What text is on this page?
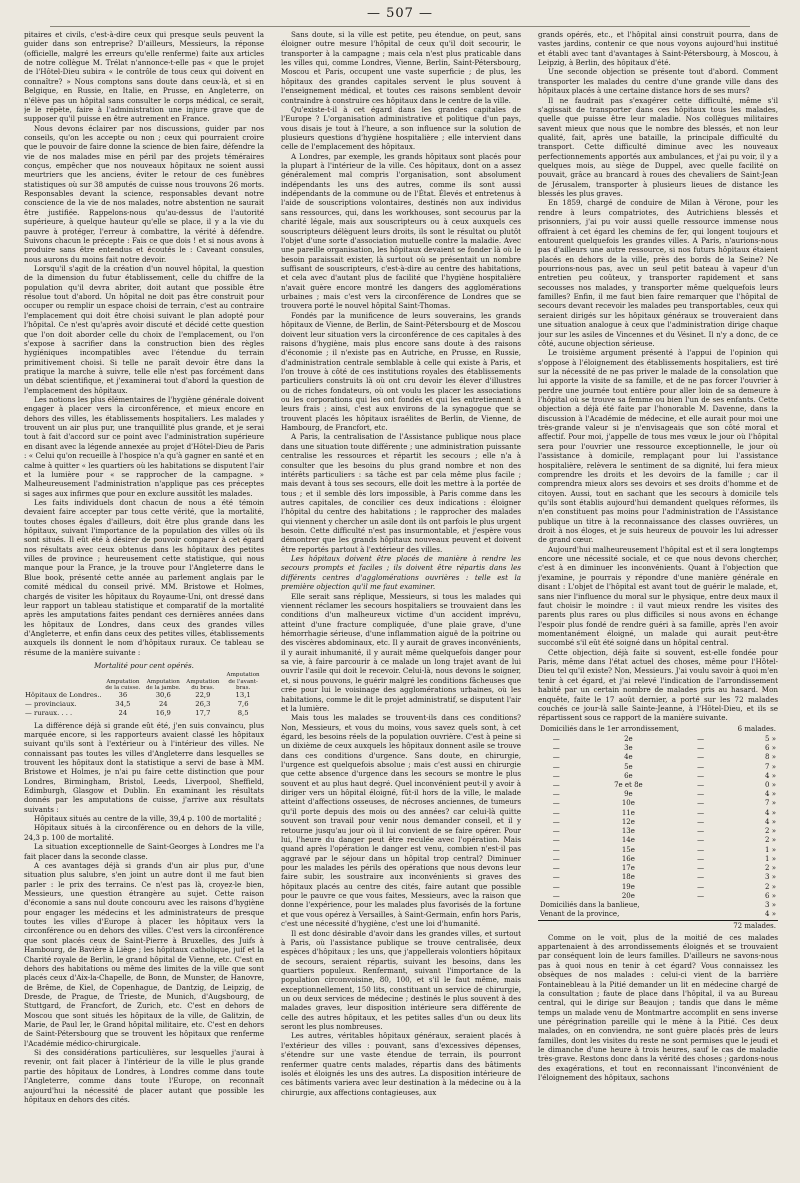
— 507 —

pitaires et civils, c'est-à-dire ceux qui presque seuls peuvent la guider dans son entreprise? D'ailleurs, Messieurs, la réponse (officielle, malgré les erreurs qu'elle renferme) faite aux articles de notre collègue M. Trélat n'annonce-t-elle pas « que le projet de l'Hôtel-Dieu subira « le contrôle de tous ceux qui doivent en connaître? » Nous comptons sans doute dans ceux-là, et si en Belgique, en Russie, en Italie, en Prusse, en Angleterre, on n'élève pas un hôpital sans consulter le corps médical, ce serait, je le répète, faire à l'administration une injure grave que de supposer qu'il puisse en être autrement en France.

Nous devons éclairer par nos discussions, guider par nos conseils, qu'on les accepte ou non ; ceux qui pourraient croire que le pouvoir de faire donne la science de bien faire, défendre la vie de nos malades mise en péril par des projets téméraires conçus, empêcher que nos nouveaux hôpitaux ne soient aussi meurtriers que les anciens, éviter le retour de ces funèbres statistiques où sur 38 amputés de cuisse nous trouvons 26 morts. Responsables devant la science, responsables devant notre conscience de la vie de nos malades, notre abstention ne saurait être justifiée. Rappelons-nous qu'au-dessus de l'autorité supérieure, à quelque hauteur qu'elle se place, il y a la vie du pauvre à protéger, l'erreur à combattre, la vérité à défendre. Suivons chacun le précepte : Fais ce que dois ! et si nous avons à produire sans être entendus et écoutés le : Caveant consules, nous aurons du moins fait notre devoir.

Lorsqu'il s'agit de la création d'un nouvel hôpital, la question de la dimension du futur établissement, celle du chiffre de la population qu'il devra abriter, doit autant que possible être résolue tout d'abord. Un hôpital ne doit pas être construit pour occuper ou remplir un espace choisi de terrain, c'est au contraire l'emplacement qui doit être choisi suivant le plan adopté pour l'hôpital. Ce n'est qu'après avoir discuté et décidé cette question que l'on doit aborder celle du choix de l'emplacement, ou l'on s'expose à sacrifier dans la construction bien des règles hygiéniques incompatibles avec l'étendue du terrain primitivement choisi. Si telle ne paraît devoir être dans la pratique la marche à suivre, telle elle n'est pas forcément dans un débat scientifique, et j'examinerai tout d'abord la question de l'emplacement des hôpitaux.

Les notions les plus élémentaires de l'hygiène générale doivent engager à placer vers la circonférence, et mieux encore en dehors des villes, les établissements hospitaliers. Les malades y trouvent un air plus pur, une tranquillité plus grande, et je serai tout à fait d'accord sur ce point avec l'administration supérieure en disant avec la légende annexée au projet d'Hôtel-Dieu de Paris : « Celui qu'on recueille à l'hospice n'a qu'à gagner en santé et en calme à quitter « les quartiers où les habitations se disputent l'air et la lumière pour « se rapprocher de la campagne. » Malheureusement l'administration n'applique pas ces préceptes si sages aux infirmes que pour en exclure aussitôt les malades.

Les faits individuels dont chacun de nous a été témoin devaient faire accepter par tous cette vérité, que la mortalité, toutes choses égales d'ailleurs, doit être plus grande dans les hôpitaux, suivant l'importance de la population des villes où ils sont situés. Il eût été à désirer de pouvoir comparer à cet égard nos résultats avec ceux obtenus dans les hôpitaux des petites villes de province ; heureusement cette statistique, qui nous manque pour la France, je la trouve pour l'Angleterre dans le Blue book, présenté cette année au parlement anglais par le comité médical du conseil privé. MM. Bristowe et Holmes, chargés de visiter les hôpitaux du Royaume-Uni, ont dressé dans leur rapport un tableau statistique et comparatif de la mortalité après les amputations faites pendant ces dernières années dans les hôpitaux de Londres, dans ceux des grandes villes d'Angleterre, et enfin dans ceux des petites villes, établissements auxquels ils donnent le nom d'hôpitaux ruraux. Ce tableau se résume de la manière suivante :

Mortalité pour cent opérés.

	Amputation de la cuisse.	Amputation de la jambe.	Amputation du bras.	Amputation de l'avant-bras.
Hôpitaux de Londres..	36	30,6	22,9	13,1
— provinciaux.	34,5	24	26,3	7,6
— ruraux. . . .	24	16,9	17,7	8,5

La différence déjà si grande eût été, j'en suis convaincu, plus marquée encore, si les rapporteurs avaient classé les hôpitaux suivant qu'ils sont à l'extérieur ou à l'intérieur des villes. Ne connaissant pas toutes les villes d'Angleterre dans lesquelles se trouvent les hôpitaux dont la statistique a servi de base à MM. Bristowe et Holmes, je n'ai pu faire cette distinction que pour Londres, Birmingham, Bristol, Leeds, Liverpool, Sheffield, Edimburgh, Glasgow et Dublin. En examinant les résultats donnés par les amputations de cuisse, j'arrive aux résultats suivants :

Hôpitaux situés au centre de la ville, 39,4 p. 100 de mortalité ;

Hôpitaux situés à la circonférence ou en dehors de la ville, 24,3 p. 100 de mortalité.

La situation exceptionnelle de Saint-Georges à Londres me l'a fait placer dans la seconde classe.

A ces avantages déjà si grands d'un air plus pur, d'une situation plus salubre, s'en joint un autre dont il me faut bien parler : le prix des terrains. Ce n'est pas là, croyez-le bien, Messieurs, une question étrangère au sujet. Cette raison d'économie a sans nul doute concouru avec les raisons d'hygiène pour engager les médecins et les administrateurs de presque toutes les villes d'Europe à placer les hôpitaux vers la circonférence ou en dehors des villes. C'est vers la circonférence que sont placés ceux de Saint-Pierre à Bruxelles, des Juifs à Hambourg, de Bavière à Liège ; les hôpitaux catholique, juif et la Charité royale de Berlin, le grand hôpital de Vienne, etc. C'est en dehors des habitations ou même des limites de la ville que sont placés ceux d'Aix-la-Chapelle, de Bonn, de Munster, de Hanovre, de Brême, de Kiel, de Copenhague, de Dantzig, de Leipzig, de Dresde, de Prague, de Trieste, de Munich, d'Augsbourg, de Stuttgard, de Francfort, de Zurich, etc. C'est en dehors de Moscou que sont situés les hôpitaux de la ville, de Galitzin, de Marie, de Paul Ier, le Grand hôpital militaire, etc. C'est en dehors de Saint-Pétersbourg que se trouvent les hôpitaux que renferme l'Académie médico-chirurgicale.

Si des considérations particulières, sur lesquelles j'aurai à revenir, ont fait placer à l'intérieur de la ville le plus grande partie des hôpitaux de Londres, à Londres comme dans toute l'Angleterre, comme dans toute l'Europe, on reconnaît aujourd'hui la nécessité de placer autant que possible les hôpitaux en dehors des cités.

Sans doute, si la ville est petite, peu étendue, on peut, sans éloigner outre mesure l'hôpital de ceux qu'il doit secourir, le transporter à la campagne ; mais cela n'est plus praticable dans les villes qui, comme Londres, Vienne, Berlin, Saint-Pétersbourg, Moscou et Paris, occupent une vaste superficie ; de plus, les hôpitaux des grandes capitales servent le plus souvent à l'enseignement médical, et toutes ces raisons semblent devoir contraindre à construire ces hôpitaux dans le centre de la ville.

Qu'existe-t-il à cet égard dans les grandes capitales de l'Europe ? L'organisation administrative et politique d'un pays, vous disais je tout à l'heure, a son influence sur la solution de plusieurs questions d'hygiène hospitalière ; elle intervient dans celle de l'emplacement des hôpitaux.

A Londres, par exemple, les grands hôpitaux sont placés pour la plupart à l'intérieur de la ville. Ces hôpitaux, dont on a assez généralement mal compris l'organisation, sont absolument indépendants les uns des autres, comme ils sont aussi indépendants de la commune ou de l'État. Élevés et entretenus à l'aide de souscriptions volontaires, destinés non aux individus sans ressources, qui, dans les workhouses, sont secourus par la charité légale, mais aux souscripteurs ou à ceux auxquels ces souscripteurs délèguent leurs droits, ils sont le résultat ou plutôt l'objet d'une sorte d'association mutuelle contre la maladie. Avec une pareille organisation, les hôpitaux devaient se fonder là où le besoin paraissait exister, là surtout où se présentait un nombre suffisant de souscripteurs, c'est-à-dire au centre des habitations, et cela avec d'autant plus de facilité que l'hygiène hospitalière n'avait guère encore montré les dangers des agglomérations urbaines ; mais c'est vers la circonférence de Londres que se trouvera porté le nouvel hôpital Saint-Thomas.

Fondés par la munificence de leurs souverains, les grands hôpitaux de Vienne, de Berlin, de Saint-Pétersbourg et de Moscou doivent leur situation vers la circonférence de ces capitales à des raisons d'hygiène, mais plus encore sans doute à des raisons d'économie ; il n'existe pas en Autriche, en Prusse, en Russie, d'administration centrale semblable à celle qui existe à Paris, et l'on trouve à côté de ces institutions royales des établissements particuliers construits là où ont cru devoir les élever d'illustres ou de riches fondateurs, où ont voulu les placer les associations ou les corporations qui les ont fondés et qui les entretiennent à leurs frais ; ainsi, c'est aux environs de la synagogue que se trouvent placés les hôpitaux israélites de Berlin, de Vienne, de Hambourg, de Francfort, etc.

A Paris, la centralisation de l'Assistance publique nous place dans une situation toute différente ; une administration puissante centralise les ressources et répartit les secours ; elle n'a à consulter que les besoins du plus grand nombre et non des intérêts particuliers : sa tâche est par cela même plus facile ; mais devant à tous ses secours, elle doit les mettre à la portée de tous ; et il semble dès lors impossible, à Paris comme dans les autres capitales, de concilier ces deux indications : éloigner l'hôpital du centre des habitations ; le rapprocher des malades qui viennent y chercher un asile dont ils ont parfois le plus urgent besoin. Cette difficulté n'est pas insurmontable, et j'espère vous démontrer que les grands hôpitaux nouveaux peuvent et doivent être reportés partout à l'extérieur des villes.

Les hôpitaux doivent être placés de manière à rendre les secours prompts et faciles ; ils doivent être répartis dans les différents centres d'agglomérations ouvrières : telle est la première objection qu'il me faut examiner.

Elle serait sans réplique, Messieurs, si tous les malades qui viennent réclamer les secours hospitaliers se trouvaient dans les conditions d'un malheureux victime d'un accident imprévu, atteint d'une fracture compliquée, d'une plaie grave, d'une hémorrhagie sérieuse, d'une inflammation aiguë de la poitrine ou des viscères abdominaux, etc. Il y aurait de graves inconvénients, il y aurait inhumanité, il y aurait même quelquefois danger pour sa vie, à faire parcourir à ce malade un long trajet avant de lui ouvrir l'asile qui doit le recevoir. Celui-là, nous devons le soigner, et, si nous pouvons, le guérir malgré les conditions fâcheuses que crée pour lui le voisinage des agglomérations urbaines, où les habitations, comme le dit le projet administratif, se disputent l'air et la lumière.

Mais tous les malades se trouvent-ils dans ces conditions? Non, Messieurs, et vous du moins, vous savez quels sont, à cet égard, les besoins réels de la population ouvrière. C'est à peine si un dixième de ceux auxquels les hôpitaux donnent asile se trouve dans ces conditions d'urgence. Sans doute, en chirurgie, l'urgence est quelquefois absolue ; mais c'est aussi en chirurgie que cette absence d'urgence dans les secours se montre le plus souvent et au plus haut degré. Quel inconvénient peut-il y avoir à diriger vers un hôpital éloigné, fût-il hors de la ville, le malade atteint d'affections osseuses, de nécroses anciennes, de tumeurs qu'il porte depuis des mois ou des années? car celui-là quitte souvent son travail pour venir nous demander conseil, et il y retourne jusqu'au jour où il lui convient de se faire opérer. Pour lui, l'heure du danger peut être reculée avec l'opération. Mais quand après l'opération le danger est venu, combien n'est-il pas aggravé par le séjour dans un hôpital trop central? Diminuer pour les malades les périls des opérations que nous devons leur faire subir, les soustraire aux inconvénients si graves des hôpitaux placés au centre des cités, faire autant que possible pour le pauvre ce que vous faites, Messieurs, avec la raison que donne l'expérience, pour les malades plus favorisés de la fortune et que vous opérez à Versailles, à Saint-Germain, enfin hors Paris, c'est une nécessité d'hygiène, c'est une loi d'humanité.

Il est donc désirable d'avoir dans les grandes villes, et surtout à Paris, où l'assistance publique se trouve centralisée, deux espèces d'hôpitaux ; les uns, que j'appellerais volontiers hôpitaux de secours, seraient répartis, suivant les besoins, dans les quartiers populeux. Renfermant, suivant l'importance de la population circonvoisine, 80, 100, et s'il le faut même, mais exceptionnellement, 150 lits, constituant un service de chirurgie, un ou deux services de médecine ; destinés le plus souvent à des malades graves, leur disposition intérieure sera différente de celle des autres hôpitaux, et les petites salles d'un ou deux lits seront les plus nombreuses.

Les autres, véritables hôpitaux généraux, seraient placés à l'extérieur des villes : pouvant, sans d'excessives dépenses, s'étendre sur une vaste étendue de terrain, ils pourront renfermer quatre cents malades, répartis dans des bâtiments isolés et éloignés les uns des autres. La disposition intérieure de ces bâtiments variera avec leur destination à la médecine ou à la chirurgie, aux affections contagieuses, aux

grands opérés, etc., et l'hôpital ainsi construit pourra, dans de vastes jardins, contenir ce que nous voyons aujourd'hui institué et établi avec tant d'avantages à Saint-Pétersbourg, à Moscou, à Leipzig, à Berlin, des hôpitaux d'été.

Une seconde objection se présente tout d'abord. Comment transporter les malades du centre d'une grande ville dans des hôpitaux placés à une certaine distance hors de ses murs?

Il ne faudrait pas s'exagérer cette difficulté, même s'il s'agissait de transporter dans ces hôpitaux tous les malades, quelle que puisse être leur maladie. Nos collègues militaires savent mieux que nous que le nombre des blessés, et non leur qualité, fait, après une bataille, la principale difficulté du transport. Cette difficulté diminue avec les nouveaux perfectionnements apportés aux ambulances, et j'ai pu voir, il y a quelques mois, au siège de Duppel, avec quelle facilité on pouvait, grâce au brancard à roues des chevaliers de Saint-Jean de Jérusalem, transporter à plusieurs lieues de distance les blessés les plus graves.

En 1859, chargé de conduire de Milan à Vérone, pour les rendre à leurs compatriotes, des Autrichiens blessés et prisonniers, j'ai pu voir aussi quelle ressource immense nous offraient à cet égard les chemins de fer, qui longent toujours et entourent quelquefois les grandes villes. A Paris, n'aurions-nous pas d'ailleurs une autre ressource, si nos futurs hôpitaux étaient placés en dehors de la ville, près des bords de la Seine? Ne pourrions-nous pas, avec un seul petit bateau à vapeur d'un entretien peu coûteux, y transporter rapidement et sans secousses nos malades, y transporter même quelquefois leurs familles? Enfin, il me faut bien faire remarquer que l'hôpital de secours devant recevoir les malades peu transportables, ceux qui seraient dirigés sur les hôpitaux généraux se trouveraient dans une situation analogue à ceux que l'administration dirige chaque jour sur les asiles de Vincennes et du Vésinet. Il n'y a donc, de ce côté, aucune objection sérieuse.

Le troisième argument présenté à l'appui de l'opinion qui s'oppose à l'éloignement des établissements hospitaliers, est tiré sur la nécessité de ne pas priver le malade de la consolation que lui apporte la visite de sa famille, et de ne pas forcer l'ouvrier à perdre une journée tout entière pour aller loin de sa demeure à l'hôpital où se trouve sa femme ou bien l'un de ses enfants. Cette objection a déjà été faite par l'honorable M. Davenne, dans la discussion à l'Académie de médecine, et elle aurait pour moi une très-grande valeur si je n'envisageais que son côté moral et affectif. Pour moi, j'appelle de tous mes vœux le jour où l'hôpital sera pour l'ouvrier une ressource exceptionnelle, le jour où l'assistance à domicile, remplaçant pour lui l'assistance hospitalière, relèvera le sentiment de sa dignité, lui fera mieux comprendre les droits et les devoirs de la famille ; car il comprendra mieux alors ses devoirs et ses droits d'homme et de citoyen. Aussi, tout en sachant que les secours à domicile tels qu'ils sont établis aujourd'hui demandent quelques réformes, ils n'en constituent pas moins pour l'administration de l'Assistance publique un titre à la reconnaissance des classes ouvrières, un droit à nos éloges, et je suis heureux de pouvoir les lui adresser de grand cœur.

Aujourd'hui malheureusement l'hôpital est et il sera longtemps encore une nécessité sociale, et ce que nous devons chercher, c'est à en diminuer les inconvénients. Quant à l'objection que j'examine, je pourrais y répondre d'une manière générale en disant : L'objet de l'hôpital est avant tout de guérir le malade, et, sans nier l'influence du moral sur le physique, entre deux maux il faut choisir le moindre : il vaut mieux rendre les visites des parents plus rares ou plus difficiles si nous avons en échange l'espoir plus fondé de rendre guéri à sa famille, après l'en avoir momentanément éloigné, un malade qui aurait peut-être succombé s'il eût été soigné dans un hôpital central.

Cette objection, déjà faite si souvent, est-elle fondée pour Paris, même dans l'état actuel des choses, même pour l'Hôtel-Dieu tel qu'il existe? Non, Messieurs. J'ai voulu savoir à quoi m'en tenir à cet égard, et j'ai relevé l'indication de l'arrondissement habité par un certain nombre de malades pris au hasard. Mon enquête, faite le 17 août dernier, a porté sur les 72 malades couchés ce jour-là salle Sainte-Jeanne, à l'Hôtel-Dieu, et ils se répartissent sous ce rapport de la manière suivante.

Domiciliés dans le 1er arrondissement,			6 malades.
—	2e	—	5 »
—	3e	—	6 »
—	4e	—	8 »
—	5e	—	7 »
—	6e	—	4 »
—	7e et 8e	—	0 »
—	9e	—	4 »
—	10e	—	7 »
—	11e	—	4 »
—	12e	—	4 »
—	13e	—	2 »
—	14e	—	2 »
—	15e	—	1 »
—	16e	—	1 »
—	17e	—	2 »
—	18e	—	3 »
—	19e	—	2 »
—	20e	—	6 »
Domiciliés dans la banlieue,			3 »
Venant de la province,			4 »
			72 malades.

Comme on le voit, plus de la moitié de ces malades appartenaient à des arrondissements éloignés et se trouvaient par conséquent loin de leurs familles. D'ailleurs ne savons-nous pas à quoi nous en tenir à cet égard? Vous connaissez les obsèques de nos malades : celui-ci vient de la barrière Fontainebleau à la Pitié demander un lit en médecine chargé de la consultation ; faute de place dans l'hôpital, il va au Bureau central, qui le dirige sur Beaujon ; tandis que dans le même temps un malade venu de Montmartre accomplit en sens inverse une pérégrination pareille qui le mène à la Pitié. Ces deux malades, on en conviendra, ne sont guère placés près de leurs familles, dont les visites du reste ne sont permises que le jeudi et le dimanche d'une heure à trois heures, sauf le cas de maladie très-grave. Restons donc dans la vérité des choses ; gardons-nous des exagérations, et tout en reconnaissant l'inconvénient de l'éloignement des hôpitaux, sachons
